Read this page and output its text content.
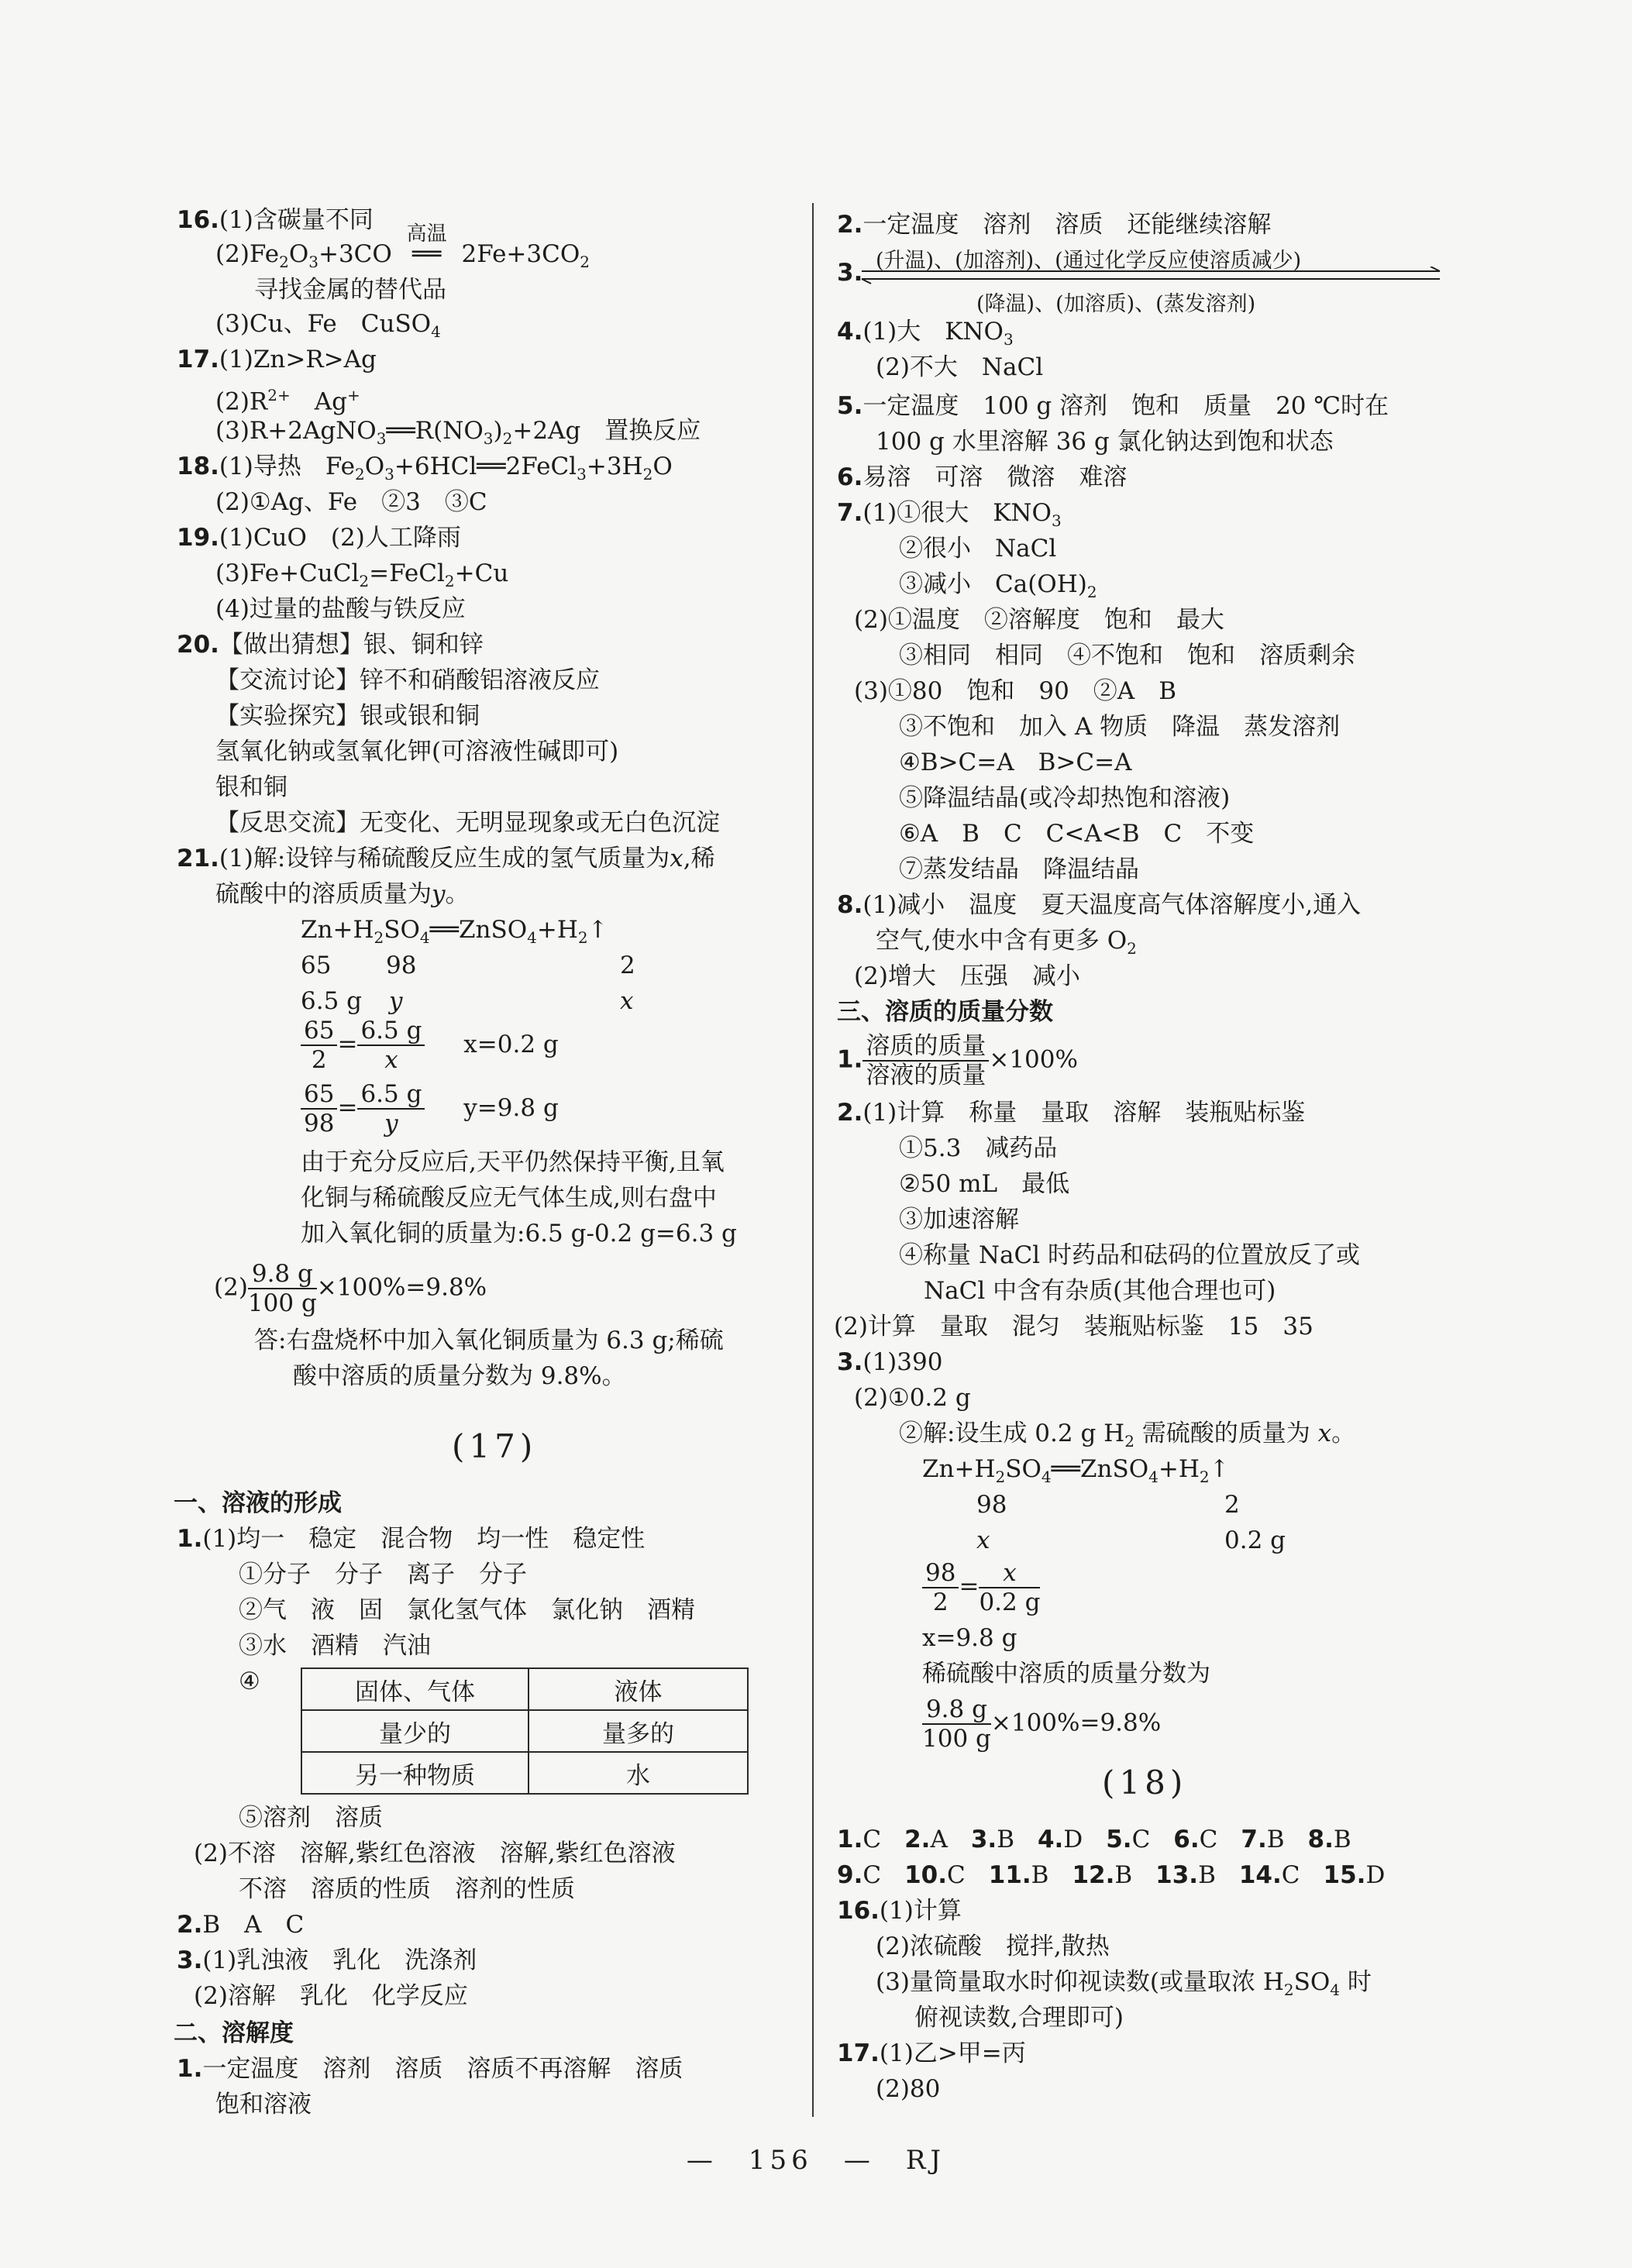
16.(1)含碳量不同
$(2)Fe_2O_3+3CO$
高温
══ $2Fe+3CO_2$
寻找金属的替代品
(3)Cu、Fe　CuSO$_4$
17.(1)Zn>R>Ag
$(2)R^{2+}$　Ag+
$(3)R+2AgNO_3══R(NO_3)_2+2Ag$　置换反应
18.(1)导热　$Fe_2O_3+6HCl══2FeCl_3+3H_2O$
(2)①Ag、Fe　②3　③C
19.(1)CuO　(2)人工降雨
(3)Fe+CuCl$_2$=FeCl$_2$+Cu
(4)过量的盐酸与铁反应
20.【做出猜想】银、铜和锌
【交流讨论】锌不和硝酸铝溶液反应
【实验探究】银或银和铜
氢氧化钠或氢氧化钾(可溶液性碱即可)
银和铜
【反思交流】无变化、无明显现象或无白色沉淀
21.(1)解:设锌与稀硫酸反应生成的氢气质量为x,稀
硫酸中的溶质质量为y。
$Zn+H_2SO_4══ZnSO_4+H_2↑$
65 98	2
6.5 g y	x
$\frac{65}{2} = \frac{6.5 g}{x} x=0.2$ g
$\frac{65}{98} = \frac{6.5 g}{y} y=9.8$ g
由于充分反应后,天平仍然保持平衡,且氧
化铜与稀硫酸反应无气体生成,则右盘中
加入氧化铜的质量为:6.5 g-0.2 g=6.3 g
$(2) \frac{9.8 g}{100 g} \times 100\%=9.8\%$
答:右盘烧杯中加入氧化铜质量为 6.3 g;稀硫
酸中溶质的质量分数为 9.8%。
(17)
一、溶液的形成
1.(1)均一　稳定　混合物　均一性　稳定性
①分子　分子　离子　分子
②气　液　固　氯化氢气体　氯化钠　酒精
③水　酒精　汽油
④	固体、气体	液体
量少的	量多的
另一种物质	水
⑤溶剂　溶质
(2)不溶　溶解,紫红色溶液　溶解,紫红色溶液
不溶　溶质的性质　溶剂的性质
2.B　A　C
3.(1)乳浊液　乳化　洗涤剂
(2)溶解　乳化　化学反应
二、溶解度
1.一定温度　溶剂　溶质　溶质不再溶解　溶质
饱和溶液
2.一定温度　溶剂　溶质　还能继续溶解
3. (升温)、(加溶剂)、(通过化学反应使溶质减少)
(降温)、(加溶质)、(蒸发溶剂)
4.(1)大　$KNO_3$
(2)不大　NaCl
5.一定温度　100 g 溶剂　饱和　质量　20 ℃时在
100 g 水里溶解 36 g 氯化钠达到饱和状态
6.易溶　可溶　微溶　难溶
7.(1)①很大　$KNO_3$
②很小　NaCl
③减小　$Ca(OH)_2$
(2)①温度　②溶解度　饱和　最大
③相同　相同　④不饱和　饱和　溶质剩余
(3)①80　饱和　90　②A　B
③不饱和　加入 A 物质　降温　蒸发溶剂
④B>C=A　B>C=A
⑤降温结晶(或冷却热饱和溶液)
⑥A　B　C　C<A<B　C　不变
⑦蒸发结晶　降温结晶
8.(1)减小　温度　夏天温度高气体溶解度小,通入
空气,使水中含有更多 $O_2$
(2)增大　压强　减小
三、溶质的质量分数
1. $\frac{\text{溶质的质量}}{\text{溶液的质量}} \times 100\%$
2.(1)计算　称量　量取　溶解　装瓶贴标鉴
①5.3　减药品
②50 mL　最低
③加速溶解
④称量 NaCl 时药品和砝码的位置放反了或
NaCl 中含有杂质(其他合理也可)
(2)计算　量取　混匀　装瓶贴标鉴　15　35
3.(1)390
(2)①0.2 g
②解:设生成 0.2 g $H_2$ 需硫酸的质量为 x。
$Zn+H_2SO_4══ZnSO_4+H_2↑$
98	2
x	0.2 g
$\frac{98}{2} = \frac{x}{0.2 g}$
x=9.8 g
稀硫酸中溶质的质量分数为
$\frac{9.8 g}{100 g} \times 100\%=9.8\%$
(18)
1.C 2.A 3.B 4.D 5.C 6.C 7.B 8.B
9.C 10.C 11.B 12.B 13.B 14.C 15.D
16.(1)计算
(2)浓硫酸　搅拌,散热
(3)量筒量取水时仰视读数(或量取浓 $H_2SO_4$ 时
俯视读数,合理即可)
17.(1)乙>甲=丙
(2)80
—　156　—　RJ
